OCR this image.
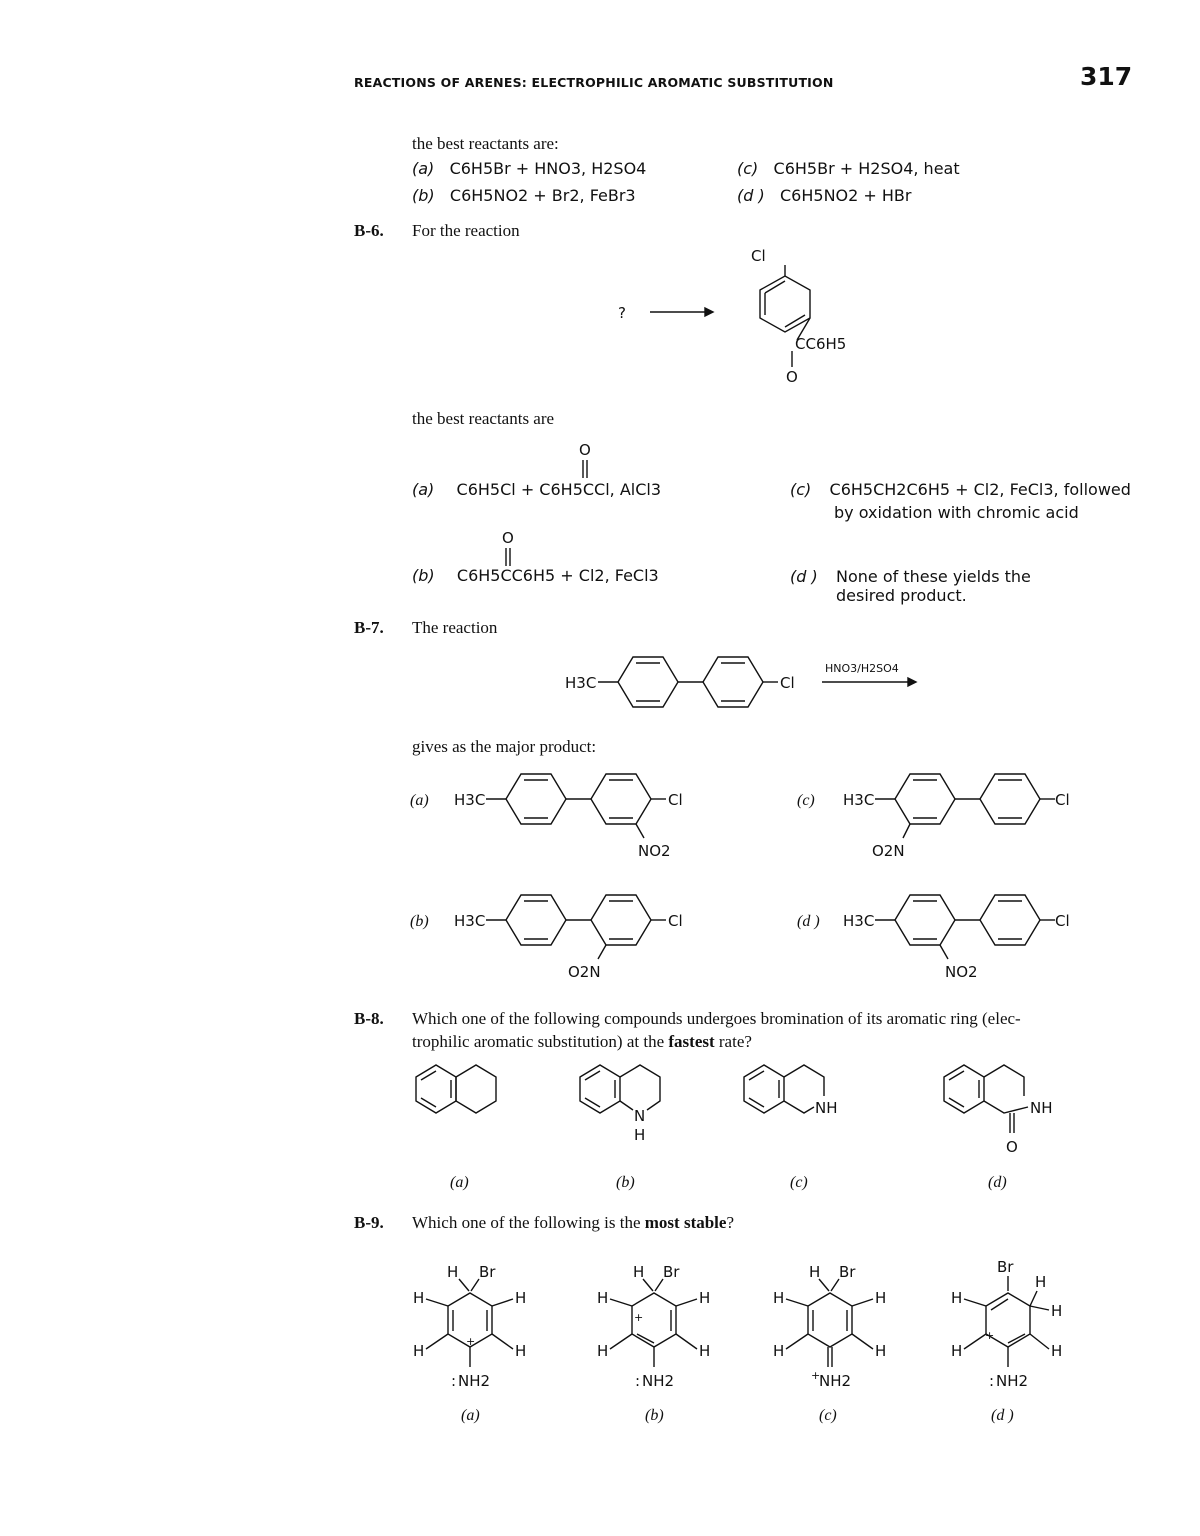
REACTIONS OF ARENES: ELECTROPHILIC AROMATIC SUBSTITUTION	317
the best reactants are:
(a) C6H5Br + HNO3, H2SO4
(b) C6H5NO2 + Br2, FeBr3
(c) C6H5Br + H2SO4, heat
(d ) C6H5NO2 + HBr
B-6. For the reaction
?
Cl
CC6H5
O
the best reactants are
(a) C6H5Cl + C6H5CCl, AlCl3
O
(b) C6H5CC6H5 + Cl2, FeCl3
O
(c) C6H5CH2C6H5 + Cl2, FeCl3, followed
by oxidation with chromic acid
(d ) None of these yields the
desired product.
B-7. The reaction
H3C	Cl
HNO3/H2SO4
gives as the major product:
(a) H3C	Cl
NO2
(c) H3C	Cl
O2N
(b) H3C	Cl
O2N
(d ) H3C	Cl
NO2
B-8. Which one of the following compounds undergoes bromination of its aromatic ring (elec-
trophilic aromatic substitution) at the fastest rate?
N
H
NH	NH
O
(a)	(b)	(c)	(d)
B-9. Which one of the following is the most stable?
H Br
H	H
H	H
+
: NH2
(a)
H Br
H	H
H	H
+
: NH2
(b)
H Br
H	H
H	H
+
NH2
(c)
Br
H
H
H
H	H
+
: NH2
(d )
